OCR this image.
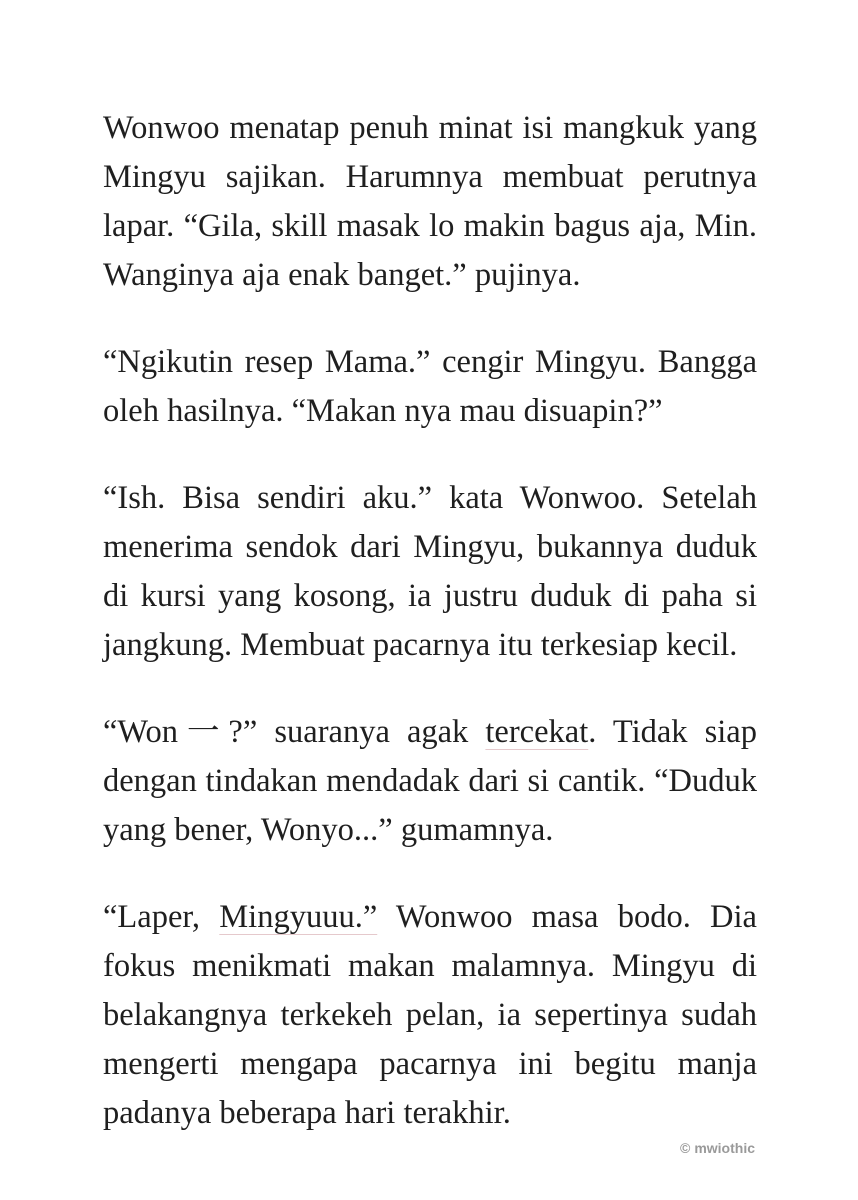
Wonwoo menatap penuh minat isi mangkuk yang Mingyu sajikan. Harumnya membuat perutnya lapar. “Gila, skill masak lo makin bagus aja, Min. Wanginya aja enak banget.” pujinya.

“Ngikutin resep Mama.” cengir Mingyu. Bangga oleh hasilnya. “Makan nya mau disuapin?”

“Ish. Bisa sendiri aku.” kata Wonwoo. Setelah menerima sendok dari Mingyu, bukannya duduk di kursi yang kosong, ia justru duduk di paha si jangkung. Membuat pacarnya itu terkesiap kecil.

“Won一?” suaranya agak tercekat. Tidak siap dengan tindakan mendadak dari si cantik. “Duduk yang bener, Wonyo...” gumamnya.

“Laper, Mingyuuu.” Wonwoo masa bodo. Dia fokus menikmati makan malamnya. Mingyu di belakangnya terkekeh pelan, ia sepertinya sudah mengerti mengapa pacarnya ini begitu manja padanya beberapa hari terakhir.

© mwiothic
